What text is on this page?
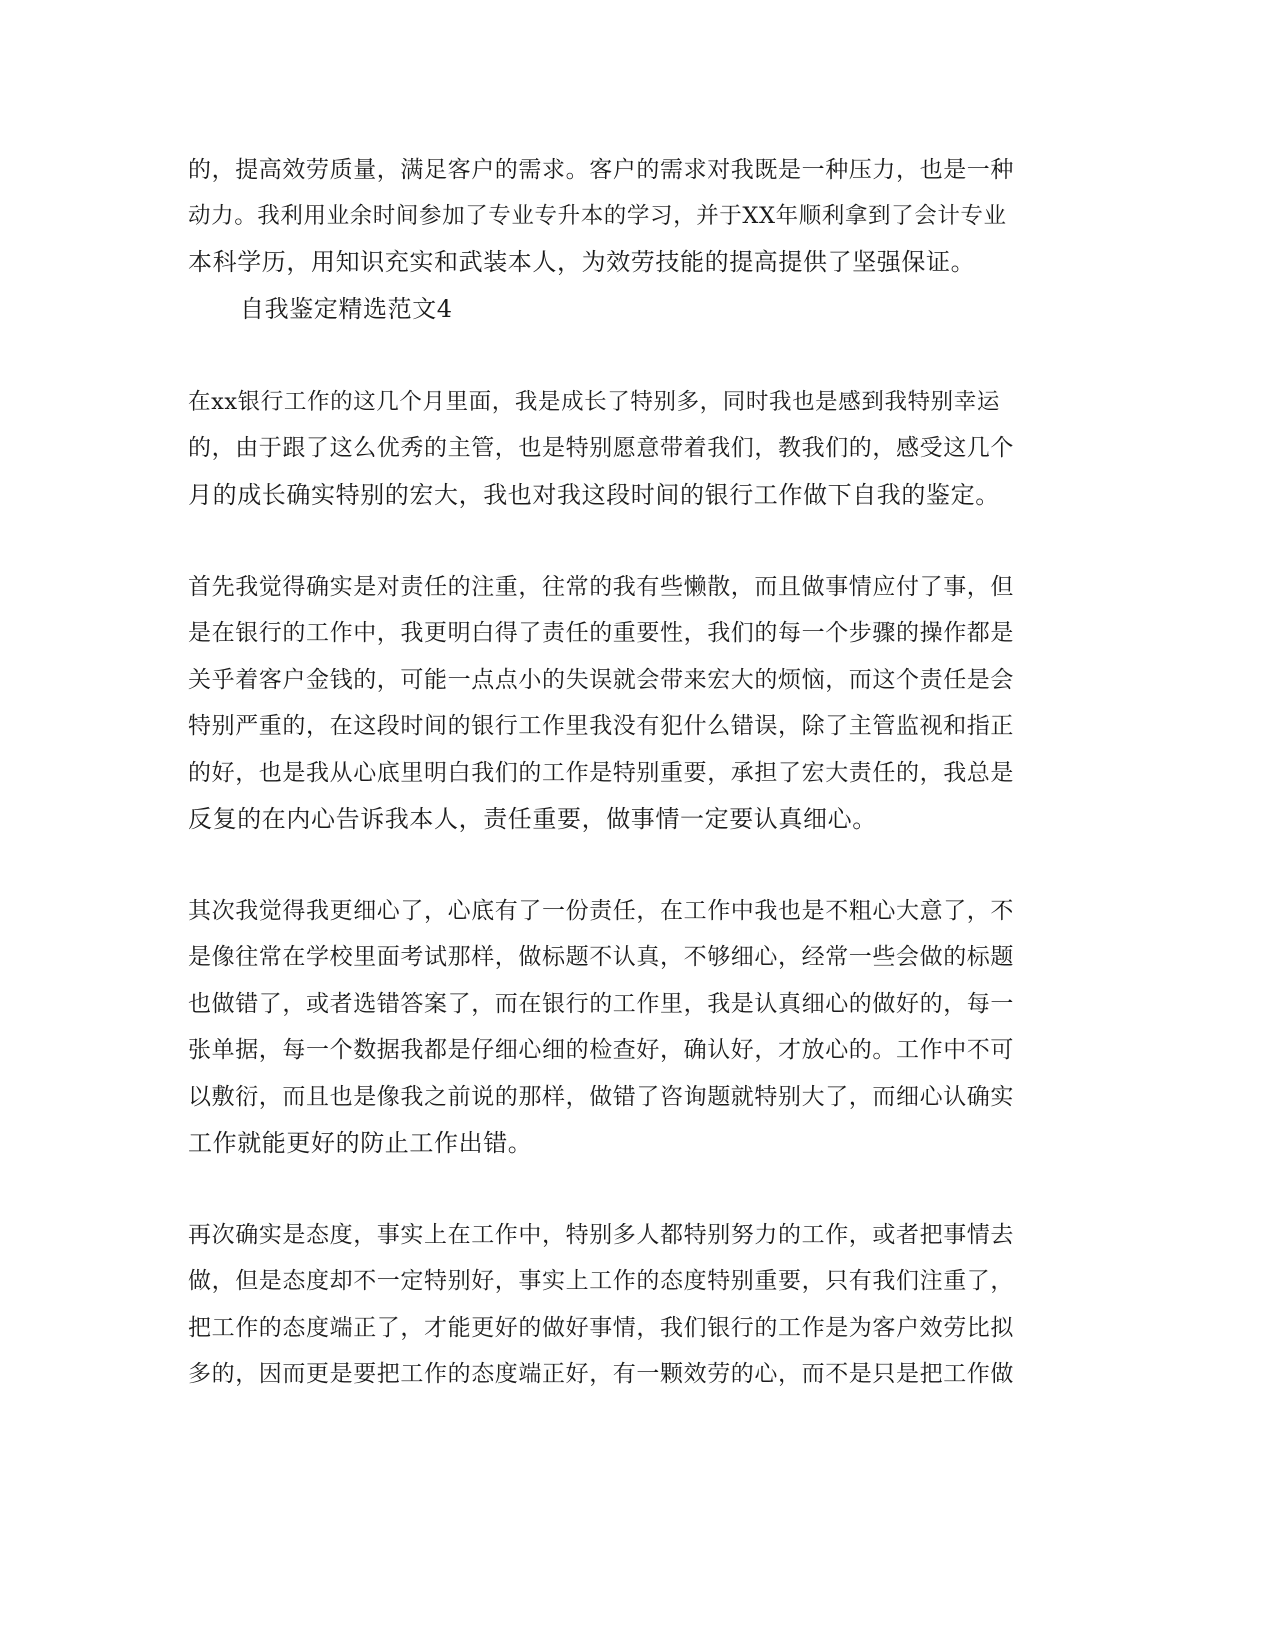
的，提高效劳质量，满足客户的需求。客户的需求对我既是一种压力，也是一种
动力。我利用业余时间参加了专业专升本的学习，并于XX年顺利拿到了会计专业
本科学历，用知识充实和武装本人，为效劳技能的提高提供了坚强保证。
自我鉴定精选范文4
在xx银行工作的这几个月里面，我是成长了特别多，同时我也是感到我特别幸运
的，由于跟了这么优秀的主管，也是特别愿意带着我们，教我们的，感受这几个
月的成长确实特别的宏大，我也对我这段时间的银行工作做下自我的鉴定。
首先我觉得确实是对责任的注重，往常的我有些懒散，而且做事情应付了事，但
是在银行的工作中，我更明白得了责任的重要性，我们的每一个步骤的操作都是
关乎着客户金钱的，可能一点点小的失误就会带来宏大的烦恼，而这个责任是会
特别严重的，在这段时间的银行工作里我没有犯什么错误，除了主管监视和指正
的好，也是我从心底里明白我们的工作是特别重要，承担了宏大责任的，我总是
反复的在内心告诉我本人，责任重要，做事情一定要认真细心。
其次我觉得我更细心了，心底有了一份责任，在工作中我也是不粗心大意了，不
是像往常在学校里面考试那样，做标题不认真，不够细心，经常一些会做的标题
也做错了，或者选错答案了，而在银行的工作里，我是认真细心的做好的，每一
张单据，每一个数据我都是仔细心细的检查好，确认好，才放心的。工作中不可
以敷衍，而且也是像我之前说的那样，做错了咨询题就特别大了，而细心认确实
工作就能更好的防止工作出错。
再次确实是态度，事实上在工作中，特别多人都特别努力的工作，或者把事情去
做，但是态度却不一定特别好，事实上工作的态度特别重要，只有我们注重了，
把工作的态度端正了，才能更好的做好事情，我们银行的工作是为客户效劳比拟
多的，因而更是要把工作的态度端正好，有一颗效劳的心，而不是只是把工作做
